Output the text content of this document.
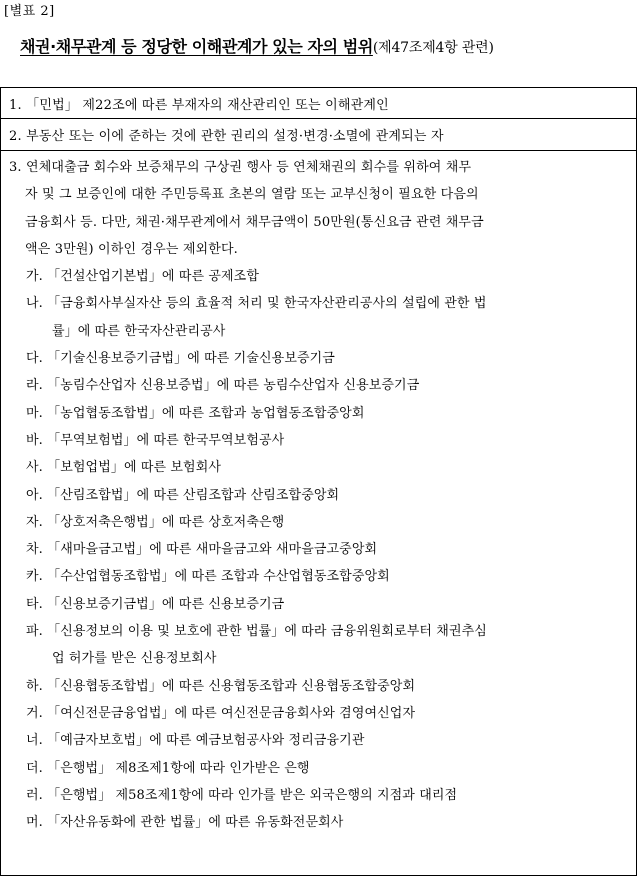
[별표 2]
채권·채무관계 등 정당한 이해관계가 있는 자의 범위(제47조제4항 관련)
1. 「민법」 제22조에 따른 부재자의 재산관리인 또는 이해관계인
2. 부동산 또는 이에 준하는 것에 관한 권리의 설정·변경·소멸에 관계되는 자
3. 연체대출금 회수와 보증채무의 구상권 행사 등 연체채권의 회수를 위하여 채무
자 및 그 보증인에 대한 주민등록표 초본의 열람 또는 교부신청이 필요한 다음의
금융회사 등. 다만, 채권·채무관계에서 채무금액이 50만원(통신요금 관련 채무금
액은 3만원) 이하인 경우는 제외한다.
가. 「건설산업기본법」에 따른 공제조합
나. 「금융회사부실자산 등의 효율적 처리 및 한국자산관리공사의 설립에 관한 법
률」에 따른 한국자산관리공사
다. 「기술신용보증기금법」에 따른 기술신용보증기금
라. 「농림수산업자 신용보증법」에 따른 농림수산업자 신용보증기금
마. 「농업협동조합법」에 따른 조합과 농업협동조합중앙회
바. 「무역보험법」에 따른 한국무역보험공사
사. 「보험업법」에 따른 보험회사
아. 「산림조합법」에 따른 산림조합과 산림조합중앙회
자. 「상호저축은행법」에 따른 상호저축은행
차. 「새마을금고법」에 따른 새마을금고와 새마을금고중앙회
카. 「수산업협동조합법」에 따른 조합과 수산업협동조합중앙회
타. 「신용보증기금법」에 따른 신용보증기금
파. 「신용정보의 이용 및 보호에 관한 법률」에 따라 금융위원회로부터 채권추심
업 허가를 받은 신용정보회사
하. 「신용협동조합법」에 따른 신용협동조합과 신용협동조합중앙회
거. 「여신전문금융업법」에 따른 여신전문금융회사와 겸영여신업자
너. 「예금자보호법」에 따른 예금보험공사와 정리금융기관
더. 「은행법」 제8조제1항에 따라 인가받은 은행
러. 「은행법」 제58조제1항에 따라 인가를 받은 외국은행의 지점과 대리점
머. 「자산유동화에 관한 법률」에 따른 유동화전문회사
